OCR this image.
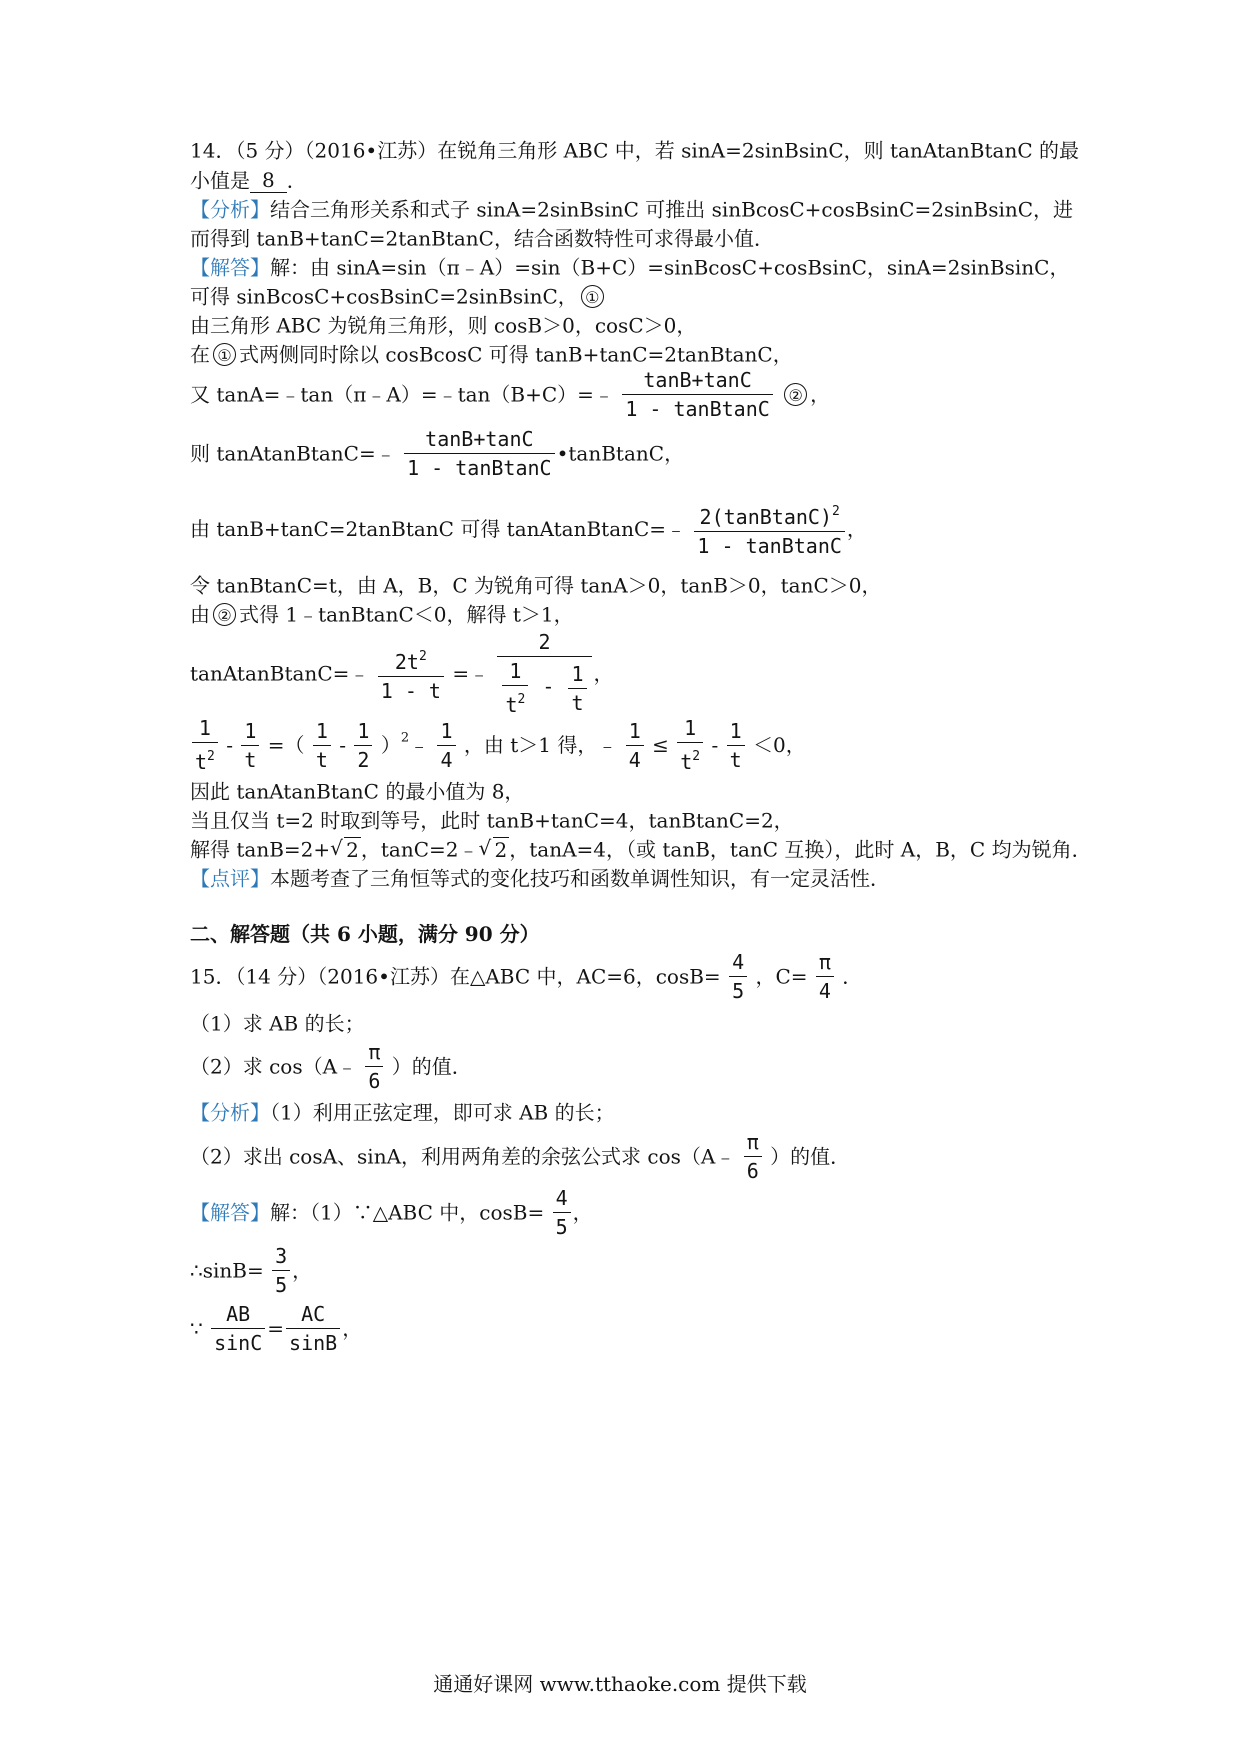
14．（5 分）（2016•江苏）在锐角三角形 ABC 中，若 sinA=2sinBsinC，则 tanAtanBtanC 的最
小值是 8 ．
【分析】结合三角形关系和式子 sinA=2sinBsinC 可推出 sinBcosC+cosBsinC=2sinBsinC，进
而得到 tanB+tanC=2tanBtanC，结合函数特性可求得最小值．
【解答】解：由 sinA=sin（π﹣A）=sin（B+C）=sinBcosC+cosBsinC，sinA=2sinBsinC，
可得 sinBcosC+cosBsinC=2sinBsinC， ①
由三角形 ABC 为锐角三角形，则 cosB＞0，cosC＞0，
在 ① 式两侧同时除以 cosBcosC 可得 tanB+tanC=2tanBtanC，
又 tanA=﹣tan（π﹣A）=﹣tan（B+C）=﹣ $\frac{\tan B+\tan C}{\text{1 - tanBtanC}}$ ② ，
则 tanAtanBtanC=﹣ $\frac{\tan B+\tan C}{\text{1 - tanBtanC}}$ •tanBtanC，
由 tanB+tanC=2tanBtanC 可得 tanAtanBtanC=﹣ $\frac{2(tanBtanC)^2}{\text{1 - tanBtanC}}$ ，
令 tanBtanC=t，由 A，B，C 为锐角可得 tanA＞0，tanB＞0，tanC＞0，
由 ② 式得 1﹣tanBtanC＜0，解得 t＞1，
tanAtanBtanC=﹣ $\frac{2t^2}{1 - t}$ =﹣ $\frac{2}{\frac{1}{t^2} - \frac{1}{t}}$ ，
$\frac{1}{t^2} - \frac{1}{t}$ =（ $\frac{1}{t} - \frac{1}{2}$ ）$^2$﹣ $\frac{1}{4}$ ，由 t＞1 得，﹣ $\frac{1}{4} \le \frac{1}{t^2} - \frac{1}{t} <0$，
因此 tanAtanBtanC 的最小值为 8，
当且仅当 t=2 时取到等号，此时 tanB+tanC=4，tanBtanC=2，
解得 tanB=2+ √ 2 ，tanC=2﹣ √ 2 ，tanA=4，（或 tanB，tanC 互换），此时 A，B，C 均为锐角．
【点评】本题考查了三角恒等式的变化技巧和函数单调性知识，有一定灵活性．
二、解答题（共 6 小题，满分 90 分）
15．（14 分）（2016•江苏）在△ABC 中，AC=6，$\cos B= \frac{4}{5}$ ，$C= \frac{\pi}{4}$ ．
（1）求 AB 的长；
（2）求 cos（A﹣ $\frac{\pi}{6}$ ）的值．
【分析】（1）利用正弦定理，即可求 AB 的长；
（2）求出 cosA、sinA，利用两角差的余弦公式求 cos（A﹣ $\frac{\pi}{6}$ ）的值．
【解答】解：（1）∵△ABC 中，$\cos B= \frac{4}{5}$ ，
∴sinB= $\frac{3}{5}$ ，
∵ $\frac{AB}{\sin C} = \frac{AC}{\sin B}$ ，
通通好课网 www.tthaoke.com 提供下载
